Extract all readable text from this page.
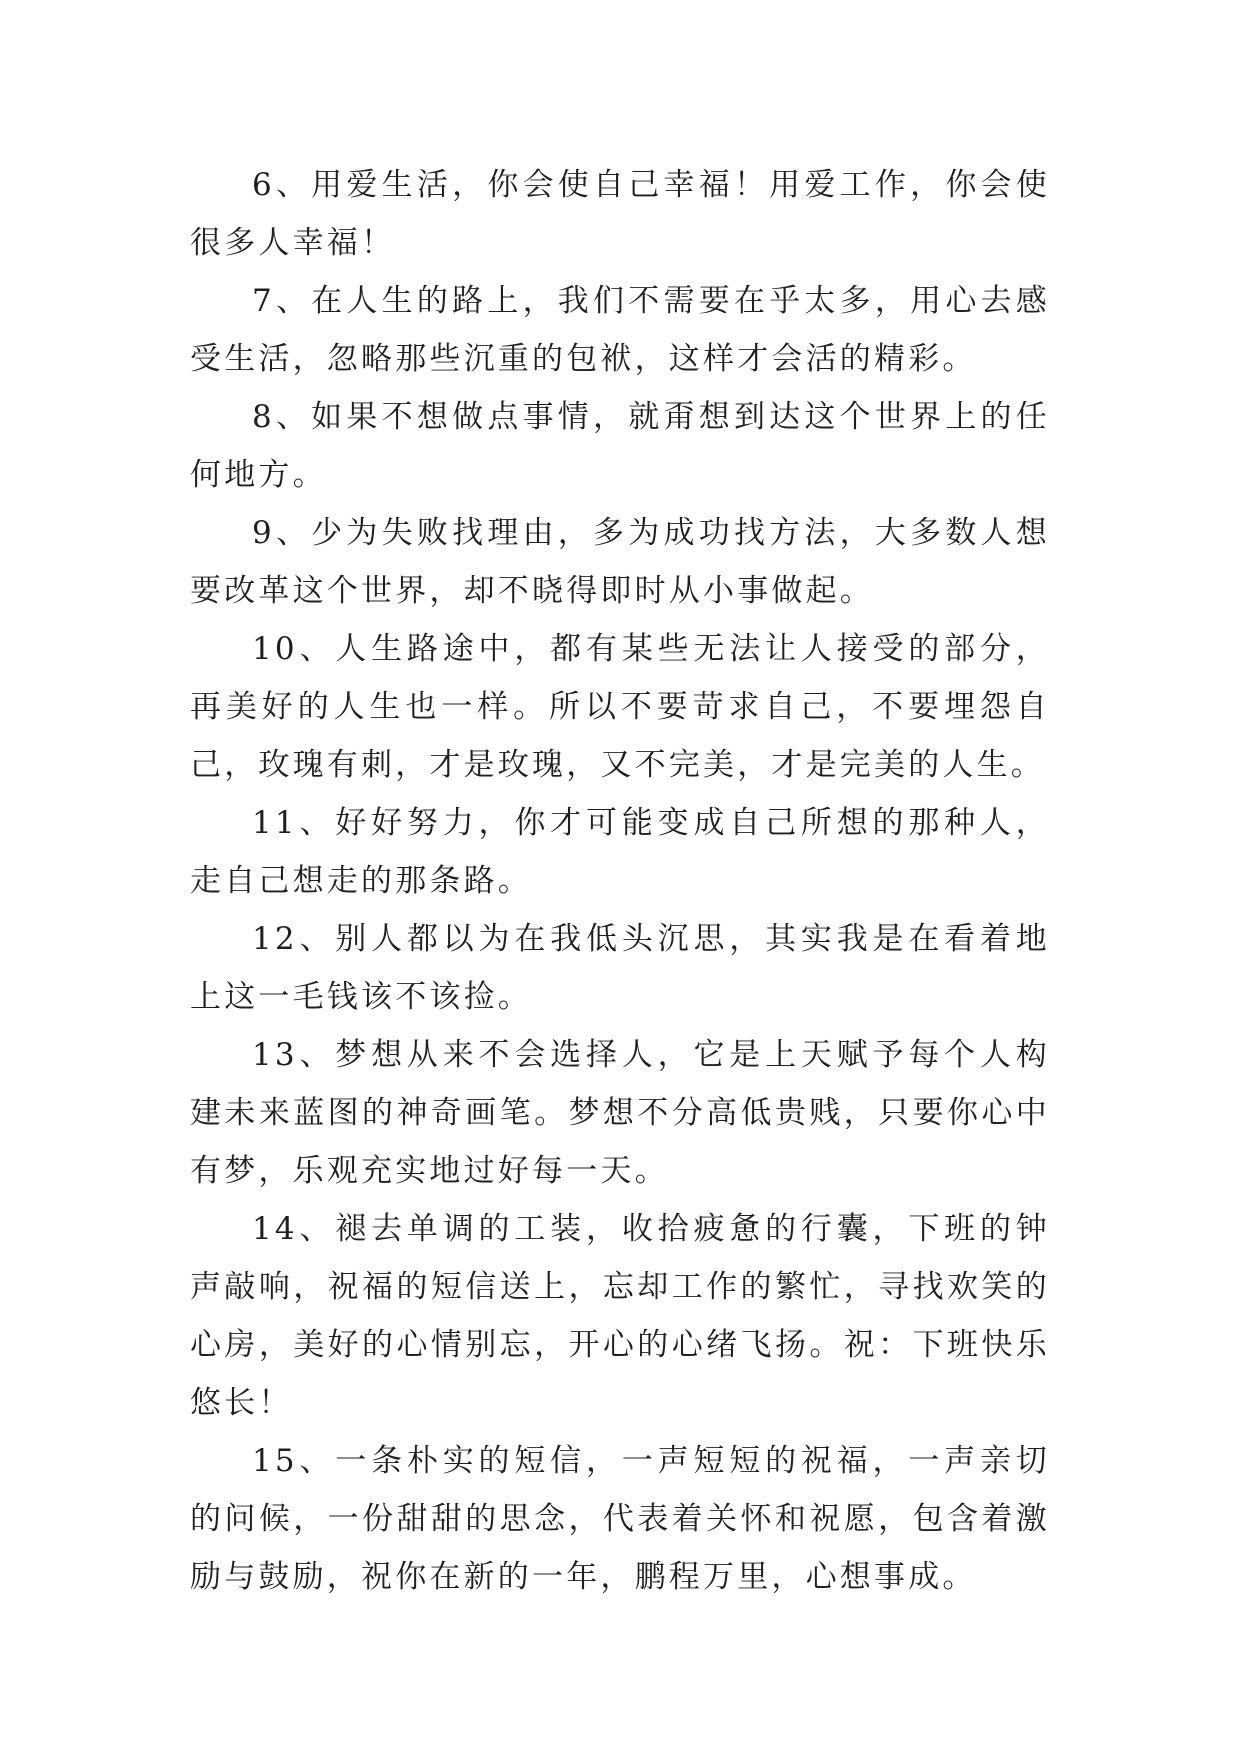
6、用爱生活，你会使自己幸福！用爱工作，你会使很多人幸福！

7、在人生的路上，我们不需要在乎太多，用心去感受生活，忽略那些沉重的包袱，这样才会活的精彩。

8、如果不想做点事情，就甭想到达这个世界上的任何地方。

9、少为失败找理由，多为成功找方法，大多数人想要改革这个世界，却不晓得即时从小事做起。

10、人生路途中，都有某些无法让人接受的部分，再美好的人生也一样。所以不要苛求自己，不要埋怨自己，玫瑰有刺，才是玫瑰，又不完美，才是完美的人生。

11、好好努力，你才可能变成自己所想的那种人，走自己想走的那条路。

12、别人都以为在我低头沉思，其实我是在看着地上这一毛钱该不该捡。

13、梦想从来不会选择人，它是上天赋予每个人构建未来蓝图的神奇画笔。梦想不分高低贵贱，只要你心中有梦，乐观充实地过好每一天。

14、褪去单调的工装，收拾疲惫的行囊，下班的钟声敲响，祝福的短信送上，忘却工作的繁忙，寻找欢笑的心房，美好的心情别忘，开心的心绪飞扬。祝：下班快乐悠长！

15、一条朴实的短信，一声短短的祝福，一声亲切的问候，一份甜甜的思念，代表着关怀和祝愿，包含着激励与鼓励，祝你在新的一年，鹏程万里，心想事成。
